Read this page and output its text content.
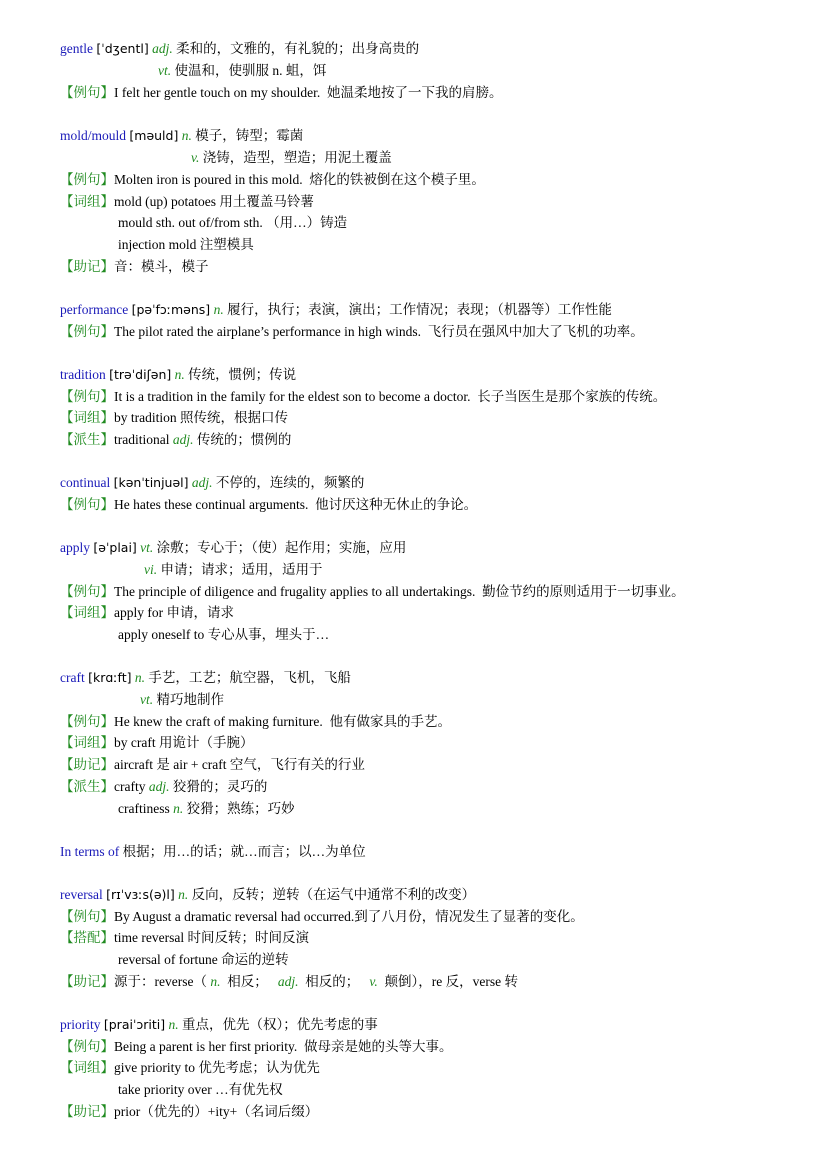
gentle [ˈdʒentl] adj. 柔和的，文雅的，有礼貌的；出身高贵的
vt. 使温和，使驯服 n. 蛆，饵
【例句】I felt her gentle touch on my shoulder. 她温柔地按了一下我的肩膀。
mold/mould [məuld] n. 模子，铸型；霉菌
v. 浇铸，造型，塑造；用泥土覆盖
【例句】Molten iron is poured in this mold. 熔化的铁被倒在这个模子里。
【词组】mold (up) potatoes 用土覆盖马铃薯
mould sth. out of/from sth. （用…）铸造
injection mold 注塑模具
【助记】音：模斗，模子
performance [pəˈfɔːməns] n. 履行，执行；表演，演出；工作情况；表现；（机器等）工作性能
【例句】The pilot rated the airplane’s performance in high winds. 飞行员在强风中加大了飞机的功率。
tradition [trəˈdiʃən] n. 传统，惯例；传说
【例句】It is a tradition in the family for the eldest son to become a doctor. 长子当医生是那个家族的传统。
【词组】by tradition 照传统，根据口传
【派生】traditional adj. 传统的；惯例的
continual [kənˈtinjuəl] adj. 不停的，连续的，频繁的
【例句】He hates these continual arguments. 他讨厌这种无休止的争论。
apply [əˈplai] vt. 涂敷；专心于；（使）起作用；实施，应用
vi. 申请；请求；适用，适用于
【例句】The principle of diligence and frugality applies to all undertakings. 勤俭节约的原则适用于一切事业。
【词组】apply for 申请，请求
apply oneself to 专心从事，埋头于…
craft [krɑːft] n. 手艺，工艺；航空器，飞机，飞船
vt. 精巧地制作
【例句】He knew the craft of making furniture. 他有做家具的手艺。
【词组】by craft 用诡计（手腕）
【助记】aircraft 是 air + craft 空气，飞行有关的行业
【派生】crafty adj. 狡猾的；灵巧的
craftiness n. 狡猾；熟练；巧妙
In terms of 根据；用…的话；就…而言；以…为单位
reversal [rɪˈvɜːs(ə)l] n. 反向，反转；逆转（在运气中通常不利的改变）
【例句】By August a dramatic reversal had occurred.到了八月份，情况发生了显著的变化。
【搭配】time reversal 时间反转；时间反演
reversal of fortune 命运的逆转
【助记】源于：reverse（ n.  相反；   adj.  相反的；   v.  颠倒），re 反，verse 转
priority [praiˈɔriti] n. 重点，优先（权）；优先考虑的事
【例句】Being a parent is her first priority. 做母亲是她的头等大事。
【词组】give priority to 优先考虑；认为优先
take priority over …有优先权
【助记】prior（优先的）+ity+（名词后缀）
